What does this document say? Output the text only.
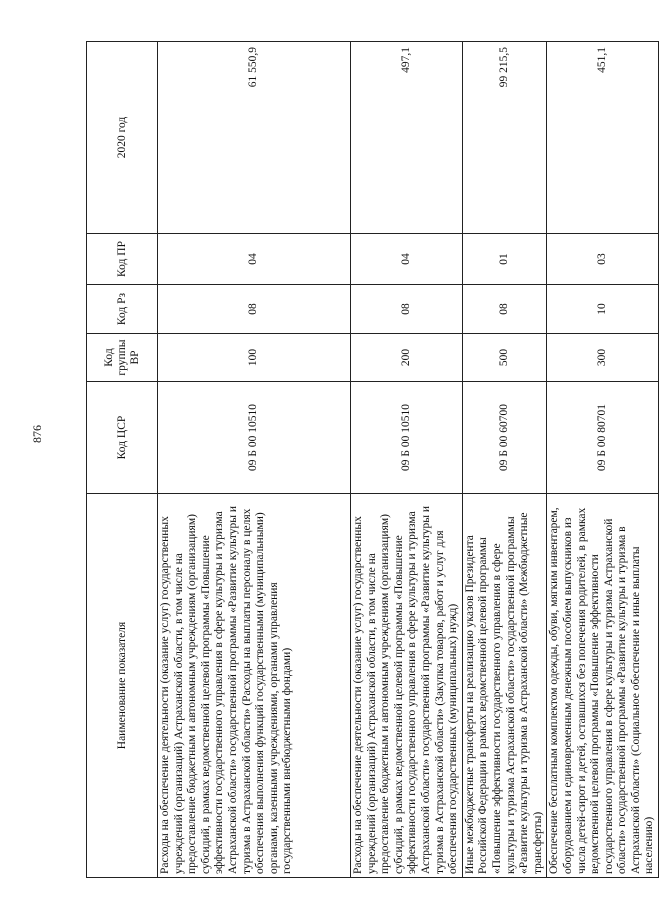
876
Наименование показателя	Код ЦСР	Код группы ВР	Код Рз	Код ПР	2020 год
Расходы на обеспечение деятельности (оказание услуг) государственных учреждений (организаций) Астраханской области, в том числе на предоставление бюджетным и автономным учреждениям (организациям) субсидий, в рамках ведомственной целевой программы «Повышение эффективности государственного управления в сфере культуры и туризма Астраханской области» государственной программы «Развитие культуры и туризма в Астраханской области» (Расходы на выплаты персоналу в целях обеспечения выполнения функций государственными (муниципальными) органами, казенными учреждениями, органами управления государственными внебюджетными фондами)	09 Б 00 10510	100	08	04	61 550,9
Расходы на обеспечение деятельности (оказание услуг) государственных учреждений (организаций) Астраханской области, в том числе на предоставление бюджетным и автономным учреждениям (организациям) субсидий, в рамках ведомственной целевой программы «Повышение эффективности государственного управления в сфере культуры и туризма Астраханской области» государственной программы «Развитие культуры и туризма в Астраханской области» (Закупка товаров, работ и услуг для обеспечения государственных (муниципальных) нужд)	09 Б 00 10510	200	08	04	497,1
Иные межбюджетные трансферты на реализацию указов Президента Российской Федерации в рамках ведомственной целевой программы «Повышение эффективности государственного управления в сфере культуры и туризма Астраханской области» государственной программы «Развитие культуры и туризма в Астраханской области» (Межбюджетные трансферты)	09 Б 00 60700	500	08	01	99 215,5
Обеспечение бесплатным комплектом одежды, обуви, мягким инвентарем, оборудованием и единовременным денежным пособием выпускников из числа детей-сирот и детей, оставшихся без попечения родителей, в рамках ведомственной целевой программы «Повышение эффективности государственного управления в сфере культуры и туризма Астраханской области» государственной программы «Развитие культуры и туризма в Астраханской области» (Социальное обеспечение и иные выплаты населению)	09 Б 00 80701	300	10	03	451,1
